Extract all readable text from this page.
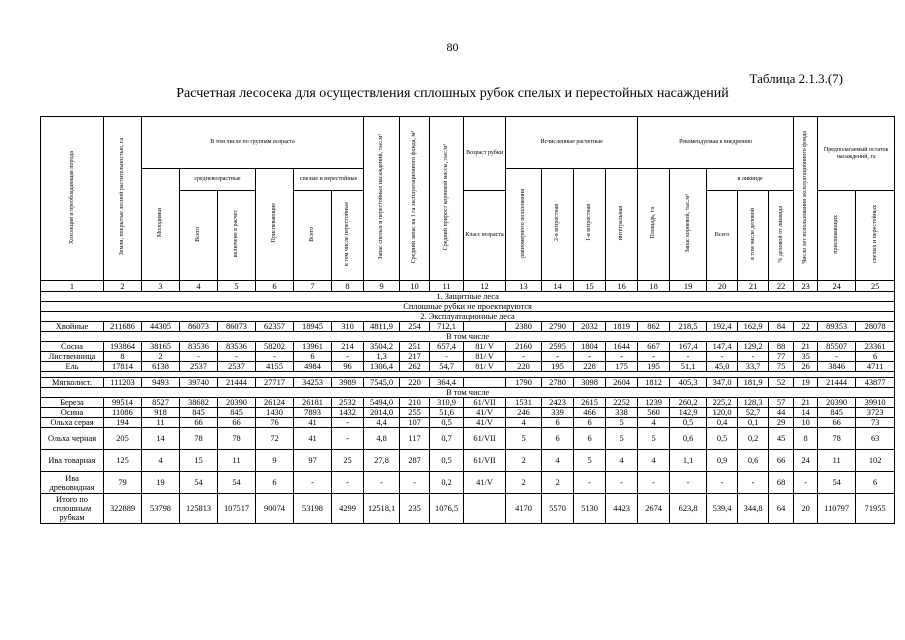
80
Таблица 2.1.3.(7)
Расчетная лесосека для осуществления сплошных рубок спелых и перестойных насаждений
Хозсекция и преобладающая порода	Земли, покрытые лесной растительностью, га	В том числе по группам возраста						Запас спелых и перестойных насаждений, тыс.м³	Средний запас на 1 га эксплуатационного фонда, м³	Средний прирост корневой массы, тыс.м³	Возраст рубки	Исчисленные расчетные				Рекомендуемая к внедрению					Число лет использования эксплуатационного фонда	Предполагаемый остаток насаждений, га	
		Молодняки	средневозрастные		Приспевающие	спелые и перестойные						равномерного пользования	2-я возрастная	1-я возрастная	интегральная	Площадь, га	Запас корневой, тыс.м³	в ликвиде					
			Всего	включено в расчет		Всего	в том числе перестойные				Класс возраста							Всего	в том числе деловой	% деловой от ликвида		приспевающих	спелых и перестойных
1	2	3	4	5	6	7	8	9	10	11	12	13	14	15	16	18	19	20	21	22	23	24	25
1. Защитные леса																							
Сплошные рубки не проектируются																							
2. Эксплуатационные леса																							
Хвойные	211686	44305	86073	86073	62357	18945	310	4811,9	254	712,1		2380	2790	2032	1819	862	218,5	192,4	162,9	84	22	89353	28078
В том числе																							
Сосна	193864	38165	83536	83536	58202	13961	214	3504,2	251	657,4	81/ V	2160	2595	1804	1644	667	167,4	147,4	129,2	88	21	85507	23361
Лиственница	8	2	-	-	-	6	-	1,3	217	-	81/ V	-	-	-	-	-	-	-	-	77	35	-	6
Ель	17814	6138	2537	2537	4155	4984	96	1306,4	262	54,7	81/ V	220	195	228	175	195	51,1	45,0	33,7	75	26	3846	4711

Мягколист.	111203	9493	39740	21444	27717	34253	3989	7545,0	220	364,4		1790	2780	3098	2604	1812	405,3	347,0	181,9	52	19	21444	43877
В том числе																							
Береза	99514	8527	38682	20390	26124	26181	2532	5494,0	210	310,9	61/VII	1531	2423	2615	2252	1239	260,2	225,2	128,3	57	21	20390	39910
Осина	11086	918	845	845	1430	7893	1432	2014,0	255	51,6	41/V	246	339	466	338	560	142,9	120,0	52,7	44	14	845	3723
Ольха серая	194	11	66	66	76	41	-	4,4	107	0,5	41/V	4	6	6	5	4	0,5	0,4	0,1	29	10	66	73
Ольха черная	205	14	78	78	72	41	-	4,8	117	0,7	61/VII	5	6	6	5	5	0,6	0,5	0,2	45	8	78	63
Ива товарная	125	4	15	11	9	97	25	27,8	287	0,5	61/VII	2	4	5	4	4	1,1	0,9	0,6	66	24	11	102
Ива древовидная	79	19	54	54	6	-	-	-	-	0,2	41/V	2	2	-	-	-	-	-	-	68	-	54	6
Итого по сплошным рубкам	322889	53798	125813	107517	90074	53198	4299	12518,1	235	1076,5		4170	5570	5130	4423	2674	623,8	539,4	344,8	64	20	110797	71955
